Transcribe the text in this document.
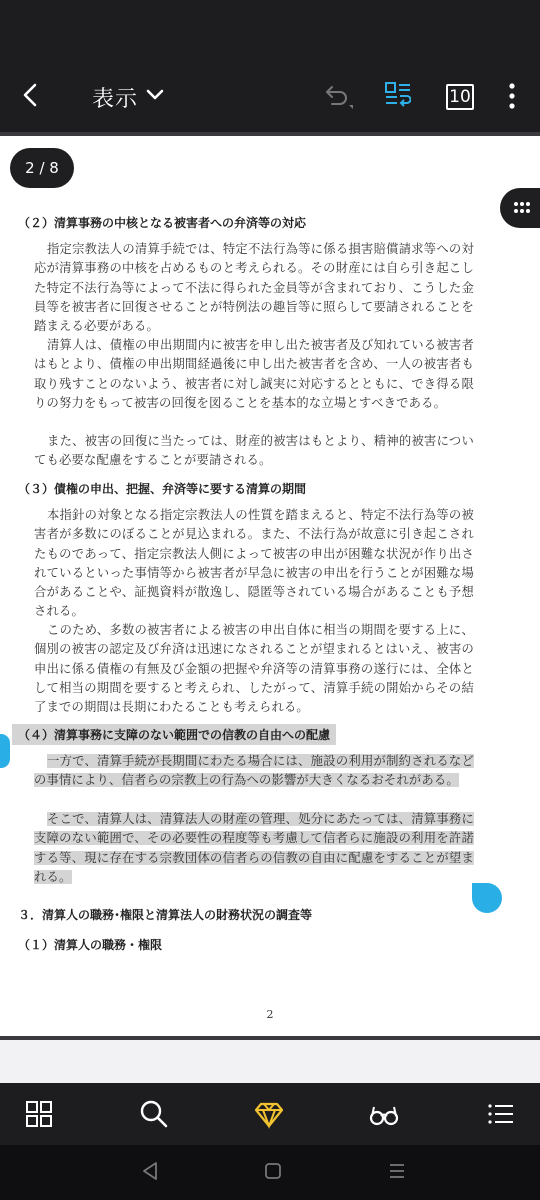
表示	10
2 / 8
（２）清算事務の中核となる被害者への弁済等の対応

指定宗教法人の清算手続では、特定不法行為等に係る損害賠償請求等への対応が清算事務の中核を占めるものと考えられる。その財産には自ら引き起こした特定不法行為等によって不法に得られた金員等が含まれており、こうした金員等を被害者に回復させることが特例法の趣旨等に照らして要請されることを踏まえる必要がある。

清算人は、債権の申出期間内に被害を申し出た被害者及び知れている被害者はもとより、債権の申出期間経過後に申し出た被害者を含め、一人の被害者も取り残すことのないよう、被害者に対し誠実に対応するとともに、でき得る限りの努力をもって被害の回復を図ることを基本的な立場とすべきである。

また、被害の回復に当たっては、財産的被害はもとより、精神的被害についても必要な配慮をすることが要請される。

（３）債権の申出、把握、弁済等に要する清算の期間

本指針の対象となる指定宗教法人の性質を踏まえると、特定不法行為等の被害者が多数にのぼることが見込まれる。また、不法行為が故意に引き起こされたものであって、指定宗教法人側によって被害の申出が困難な状況が作り出されているといった事情等から被害者が早急に被害の申出を行うことが困難な場合があることや、証拠資料が散逸し、隠匿等されている場合があることも予想される。

このため、多数の被害者による被害の申出自体に相当の期間を要する上に、個別の被害の認定及び弁済は迅速になされることが望まれるとはいえ、被害の申出に係る債権の有無及び金額の把握や弁済等の清算事務の遂行には、全体として相当の期間を要すると考えられ、したがって、清算手続の開始からその結了までの期間は長期にわたることも考えられる。

（４）清算事務に支障のない範囲での信教の自由への配慮

一方で、清算手続が長期間にわたる場合には、施設の利用が制約されるなどの事情により、信者らの宗教上の行為への影響が大きくなるおそれがある。

そこで、清算人は、清算法人の財産の管理、処分にあたっては、清算事務に支障のない範囲で、その必要性の程度等も考慮して信者らに施設の利用を許諾する等、現に存在する宗教団体の信者らの信教の自由に配慮をすることが望まれる。

３．清算人の職務･権限と清算法人の財務状況の調査等
（１）清算人の職務・権限
2
